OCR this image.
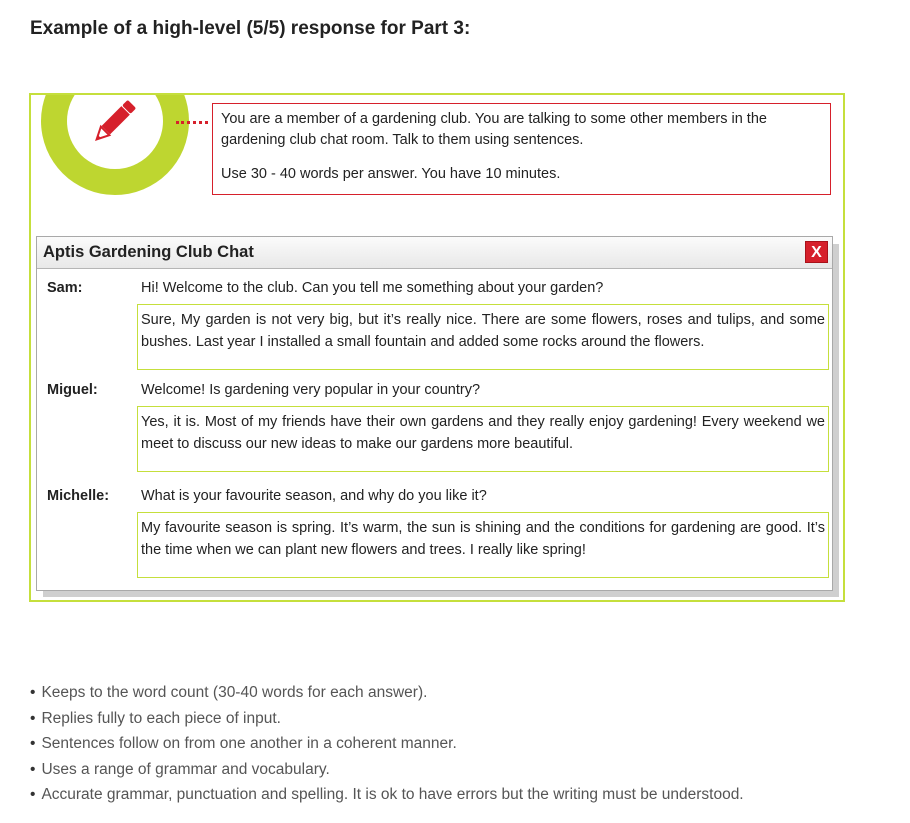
Example of a high-level (5/5) response for Part 3:

You are a member of a gardening club. You are talking to some other members in the gardening club chat room. Talk to them using sentences.

Use 30 - 40 words per answer. You have 10 minutes.

Aptis Gardening Club Chat	X
Sam:	Hi! Welcome to the club. Can you tell me something about your garden?
Sure, My garden is not very big, but it’s really nice. There are some flowers, roses and tulips, and some bushes. Last year I installed a small fountain and added some rocks around the flowers.
Miguel:	Welcome! Is gardening very popular in your country?
Yes, it is. Most of my friends have their own gardens and they really enjoy gardening! Every weekend we meet to discuss our new ideas to make our gardens more beautiful.
Michelle: What is your favourite season, and why do you like it?
My favourite season is spring. It’s warm, the sun is shining and the conditions for gardening are good. It’s the time when we can plant new flowers and trees. I really like spring!
• Keeps to the word count (30-40 words for each answer).
• Replies fully to each piece of input.
• Sentences follow on from one another in a coherent manner.
• Uses a range of grammar and vocabulary.
• Accurate grammar, punctuation and spelling. It is ok to have errors but the writing must be understood.
